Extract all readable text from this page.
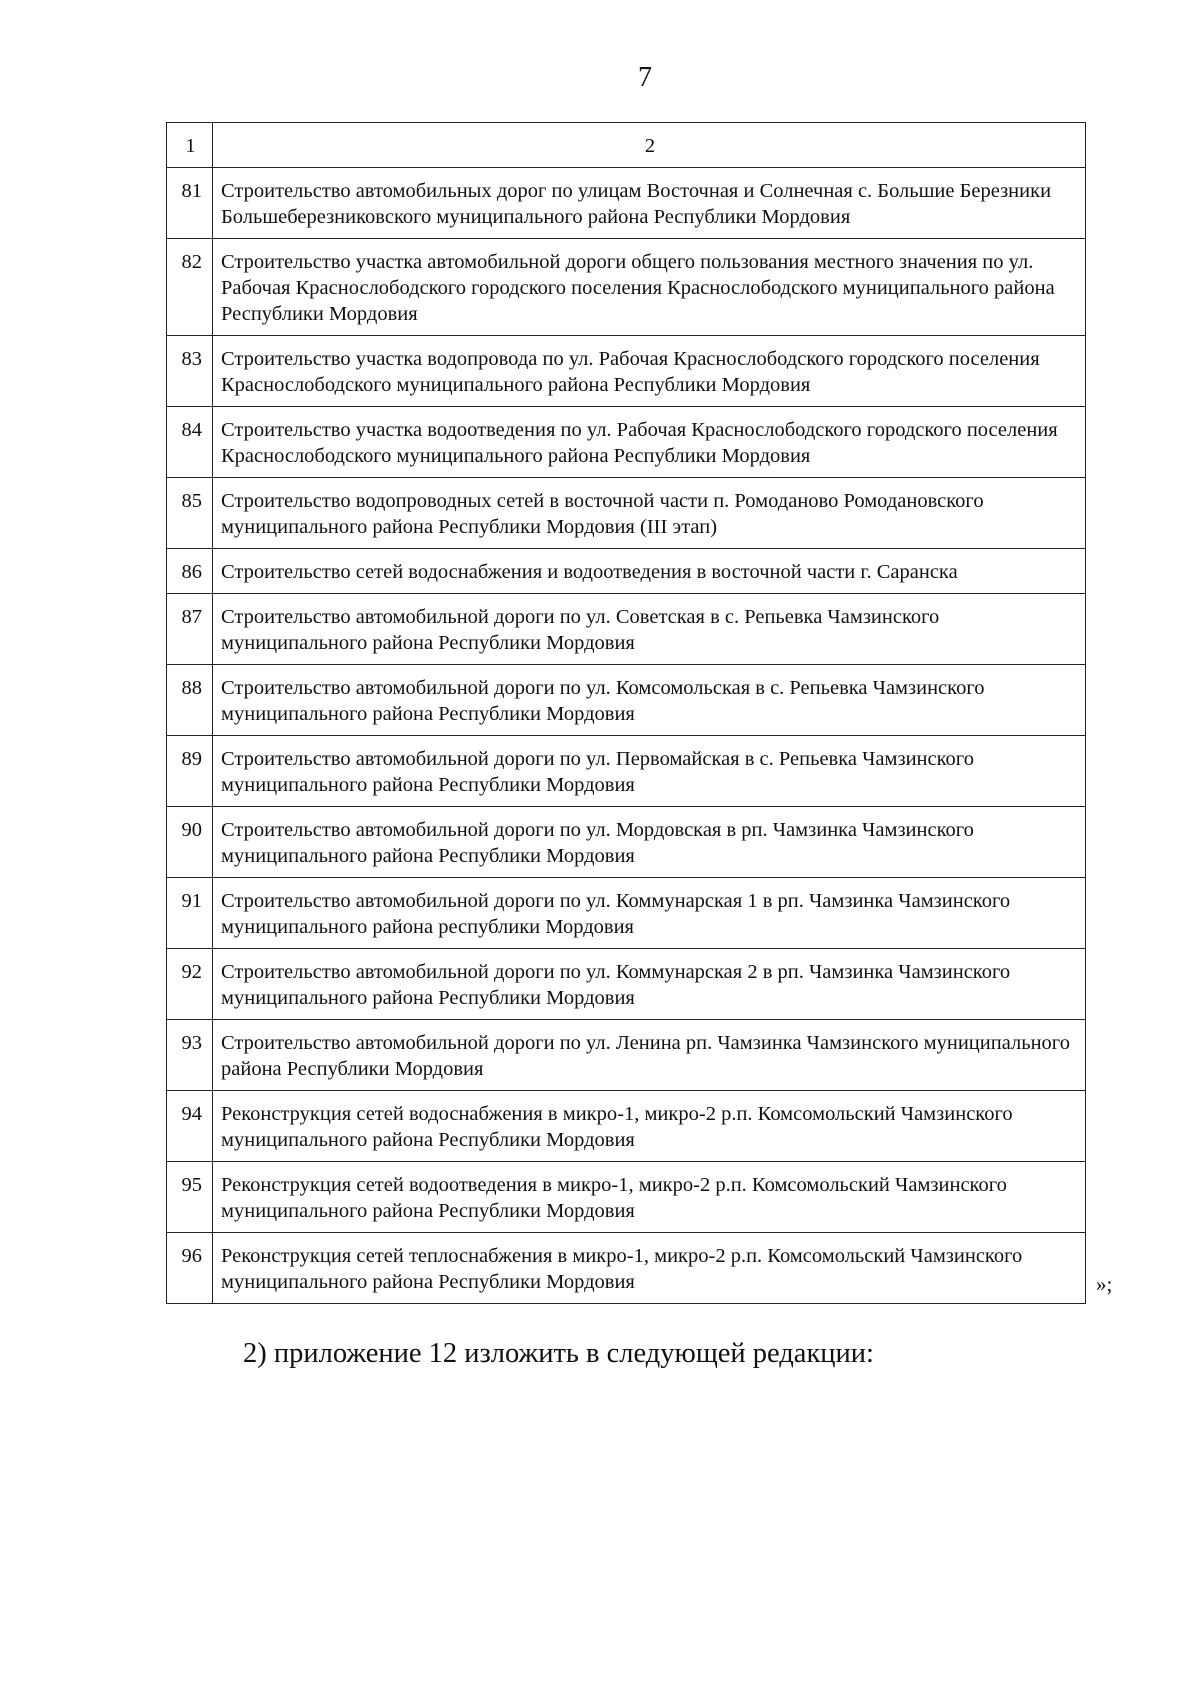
7
1	2
81	Строительство автомобильных дорог по улицам Восточная и Солнечная с. Большие Березники Большеберезниковского муниципального района Республики Мордовия
82	Строительство участка автомобильной дороги общего пользования местного значения по ул. Рабочая Краснослободского городского поселения Краснослободского муниципального района Республики Мордовия
83	Строительство участка водопровода по ул. Рабочая Краснослободского городского поселения Краснослободского муниципального района Республики Мордовия
84	Строительство участка водоотведения по ул. Рабочая Краснослободского городского поселения Краснослободского муниципального района Республики Мордовия
85	Строительство водопроводных сетей в восточной части п. Ромоданово Ромодановского муниципального района Республики Мордовия (III этап)
86	Строительство сетей водоснабжения и водоотведения в восточной части г. Саранска
87	Строительство автомобильной дороги по ул. Советская в с. Репьевка Чамзинского муниципального района Республики Мордовия
88	Строительство автомобильной дороги по ул. Комсомольская в с. Репьевка Чамзинского муниципального района Республики Мордовия
89	Строительство автомобильной дороги по ул. Первомайская в с. Репьевка Чамзинского муниципального района Республики Мордовия
90	Строительство автомобильной дороги по ул. Мордовская в рп. Чамзинка Чамзинского муниципального района Республики Мордовия
91	Строительство автомобильной дороги по ул. Коммунарская 1 в рп. Чамзинка Чамзинского муниципального района республики Мордовия
92	Строительство автомобильной дороги по ул. Коммунарская 2 в рп. Чамзинка Чамзинского муниципального района Республики Мордовия
93	Строительство автомобильной дороги по ул. Ленина рп. Чамзинка Чамзинского муниципального района Республики Мордовия
94	Реконструкция сетей водоснабжения в микро-1, микро-2 р.п. Комсомольский Чамзинского муниципального района Республики Мордовия
95	Реконструкция сетей водоотведения в микро-1, микро-2 р.п. Комсомольский Чамзинского муниципального района Республики Мордовия
96	Реконструкция сетей теплоснабжения в микро-1, микро-2 р.п. Комсомольский Чамзинского муниципального района Республики Мордовия	»;
2) приложение 12 изложить в следующей редакции:
